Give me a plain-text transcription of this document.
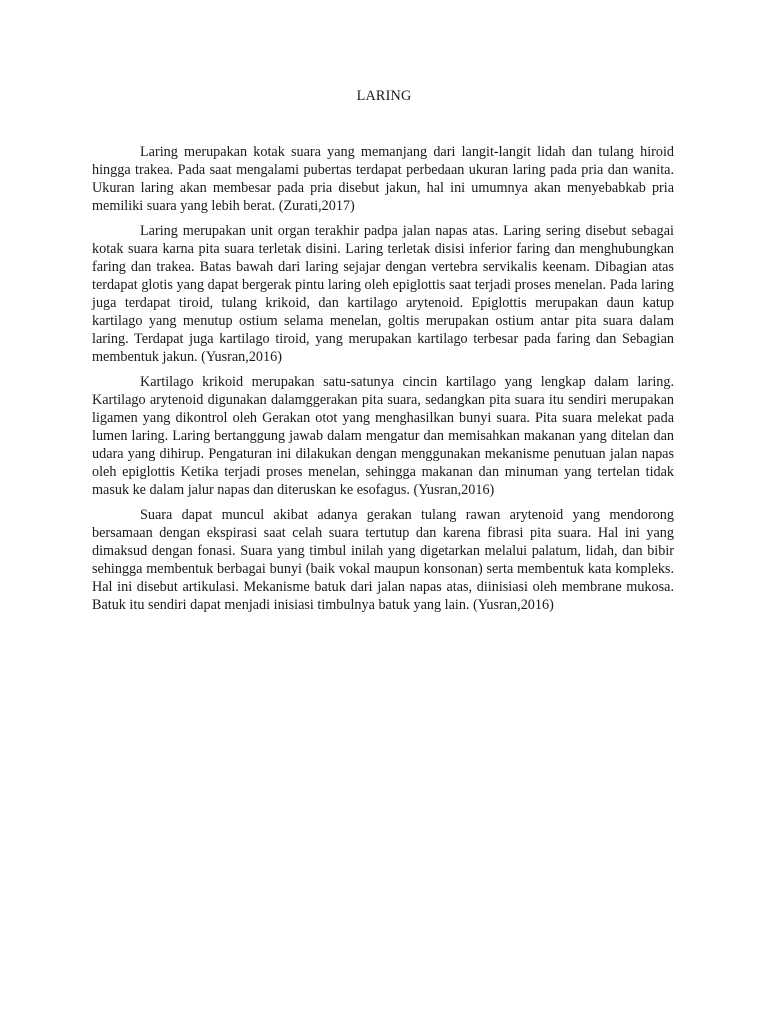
LARING

Laring merupakan kotak suara yang memanjang dari langit-langit lidah dan tulang hiroid hingga trakea. Pada saat mengalami pubertas terdapat perbedaan ukuran laring pada pria dan wanita. Ukuran laring akan membesar pada pria disebut jakun, hal ini umumnya akan menyebabkab pria memiliki suara yang lebih berat. (Zurati,2017)

Laring merupakan unit organ terakhir padpa jalan napas atas. Laring sering disebut sebagai kotak suara karna pita suara terletak disini. Laring terletak disisi inferior faring dan menghubungkan faring dan trakea. Batas bawah dari laring sejajar dengan vertebra servikalis keenam. Dibagian atas terdapat glotis yang dapat bergerak pintu laring oleh epiglottis saat terjadi proses menelan. Pada laring juga terdapat tiroid, tulang krikoid, dan kartilago arytenoid. Epiglottis merupakan daun katup kartilago yang menutup ostium selama menelan, goltis merupakan ostium antar pita suara dalam laring. Terdapat juga kartilago tiroid, yang merupakan kartilago terbesar pada faring dan Sebagian membentuk jakun. (Yusran,2016)

Kartilago krikoid merupakan satu-satunya cincin kartilago yang lengkap dalam laring. Kartilago arytenoid digunakan dalamggerakan pita suara, sedangkan pita suara itu sendiri merupakan ligamen yang dikontrol oleh Gerakan otot yang menghasilkan bunyi suara. Pita suara melekat pada lumen laring. Laring bertanggung jawab dalam mengatur dan memisahkan makanan yang ditelan dan udara yang dihirup. Pengaturan ini dilakukan dengan menggunakan mekanisme penutuan jalan napas oleh epiglottis Ketika terjadi proses menelan, sehingga makanan dan minuman yang tertelan tidak masuk ke dalam jalur napas dan diteruskan ke esofagus. (Yusran,2016)

Suara dapat muncul akibat adanya gerakan tulang rawan arytenoid yang mendorong bersamaan dengan ekspirasi saat celah suara tertutup dan karena fibrasi pita suara. Hal ini yang dimaksud dengan fonasi. Suara yang timbul inilah yang digetarkan melalui palatum, lidah, dan bibir sehingga membentuk berbagai bunyi (baik vokal maupun konsonan) serta membentuk kata kompleks. Hal ini disebut artikulasi. Mekanisme batuk dari jalan napas atas, diinisiasi oleh membrane mukosa. Batuk itu sendiri dapat menjadi inisiasi timbulnya batuk yang lain. (Yusran,2016)
